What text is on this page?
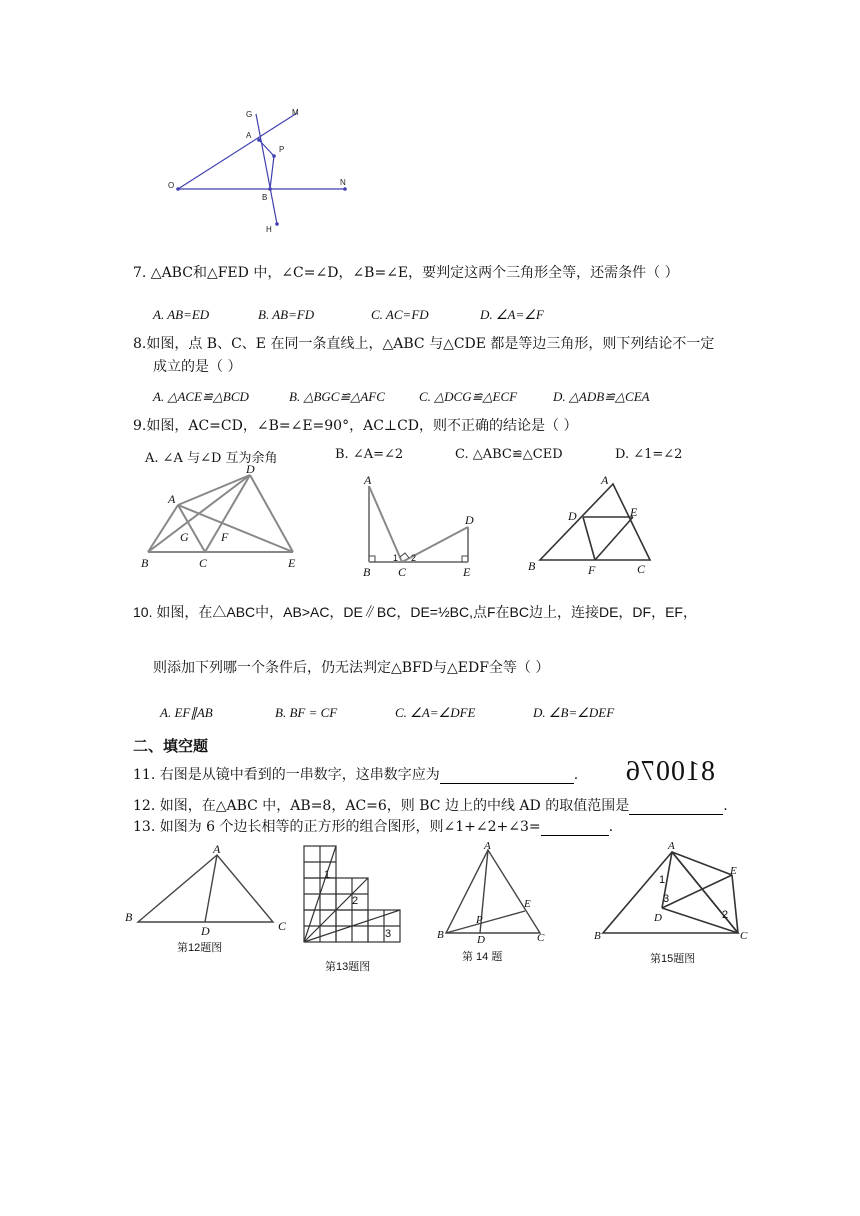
G	M
A
P
O	N
B
H
7. △ABC和△FED 中，∠C=∠D，∠B=∠E，要判定这两个三角形全等，还需条件（ ）
A. AB=ED	B. AB=FD	C. AC=FD	D. ∠A=∠F
8.如图，点 B、C、E 在同一条直线上，△ABC 与△CDE 都是等边三角形，则下列结论不一定
成立的是（ ）
A. △ACE≌△BCD	B. △BGC≌△AFC	C. △DCG≌△ECF	D. △ADB≌△CEA
9.如图，AC=CD，∠B=∠E=90°，AC⊥CD，则不正确的结论是（ ）
A. ∠A 与∠D 互为余角	B. ∠A=∠2	C. △ABC≌△CED	D. ∠1=∠2
A
D
G	F
B	C	E
A
D
1 2
B C	E
A
D	E
B	F	C
10. 如图，在△ABC中，AB>AC，DE∥BC，DE=½BC,点F在BC边上，连接DE，DF，EF，
则添加下列哪一个条件后，仍无法判定△BFD与△EDF全等（ ）
A. EF∥AB	B. BF = CF	C. ∠A=∠DFE	D. ∠B=∠DEF
二、填空题
11. 右图是从镜中看到的一串数字，这串数字应为	. 810076
12. 如图，在△ABC 中，AB=8，AC=6，则 BC 边上的中线 AD 的取值范围是	.
13. 如图为 6 个边长相等的正方形的组合图形，则∠1+∠2+∠3=	.
A
B
C
D
第12题图
1
2
3
第13题图
A
E
P
B	D	C
第 14 题
A
E
1
3
D	2
B	C
第15题图
